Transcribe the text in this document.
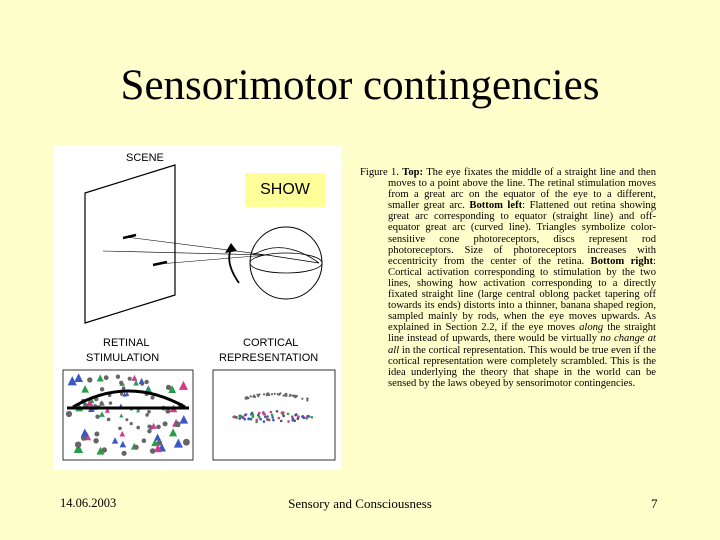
Sensorimotor contingencies
SCENE
RETINAL
STIMULATION
CORTICAL
REPRESENTATION
SHOW
Figure 1. Top: The eye fixates the middle of a straight line and then moves to a point above the line. The retinal stimulation moves from a great arc on the equator of the eye to a different, smaller great arc. Bottom left: Flattened out retina showing great arc corresponding to equator (straight line) and off-equator great arc (curved line). Triangles symbolize color-sensitive cone photoreceptors, discs represent rod photoreceptors. Size of photoreceptors increases with eccentricity from the center of the retina. Bottom right: Cortical activation corresponding to stimulation by the two lines, showing how activation corresponding to a directly fixated straight line (large central oblong packet tapering off towards its ends) distorts into a thinner, banana shaped region, sampled mainly by rods, when the eye moves upwards. As explained in Section 2.2, if the eye moves along the straight line instead of upwards, there would be virtually no change at all in the cortical representation. This would be true even if the cortical representation were completely scrambled. This is the idea underlying the theory that shape in the world can be sensed by the laws obeyed by sensorimotor contingencies.
14.06.2003	Sensory and Consciousness	7
